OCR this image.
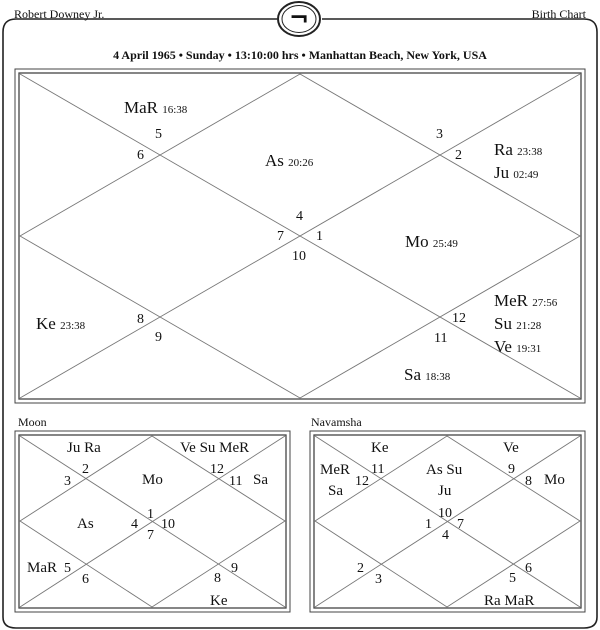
¬
Robert Downey Jr.	Birth Chart
4 April 1965 • Sunday • 13:10:00 hrs • Manhattan Beach, New York, USA
MaR 16:38
As 20:26
Ra 23:38
Ju 02:49
Mo 25:49
Ke 23:38
MeR 27:56
Su 21:28
Ve 19:31
Sa 18:38
5
6
3
2
4
7 1
10
8
9
12
11
Moon
Ju Ra	Ve Su MeR
Mo	Sa
As
MaR
Ke
2
3
12
11
1
4 10
7
5
6	8
9
Navamsha
Ke	Ve
MeR
Sa
As Su
Ju
Mo
Ra MaR
11
12
9
8
10
1 7
4
2
3	5
6
